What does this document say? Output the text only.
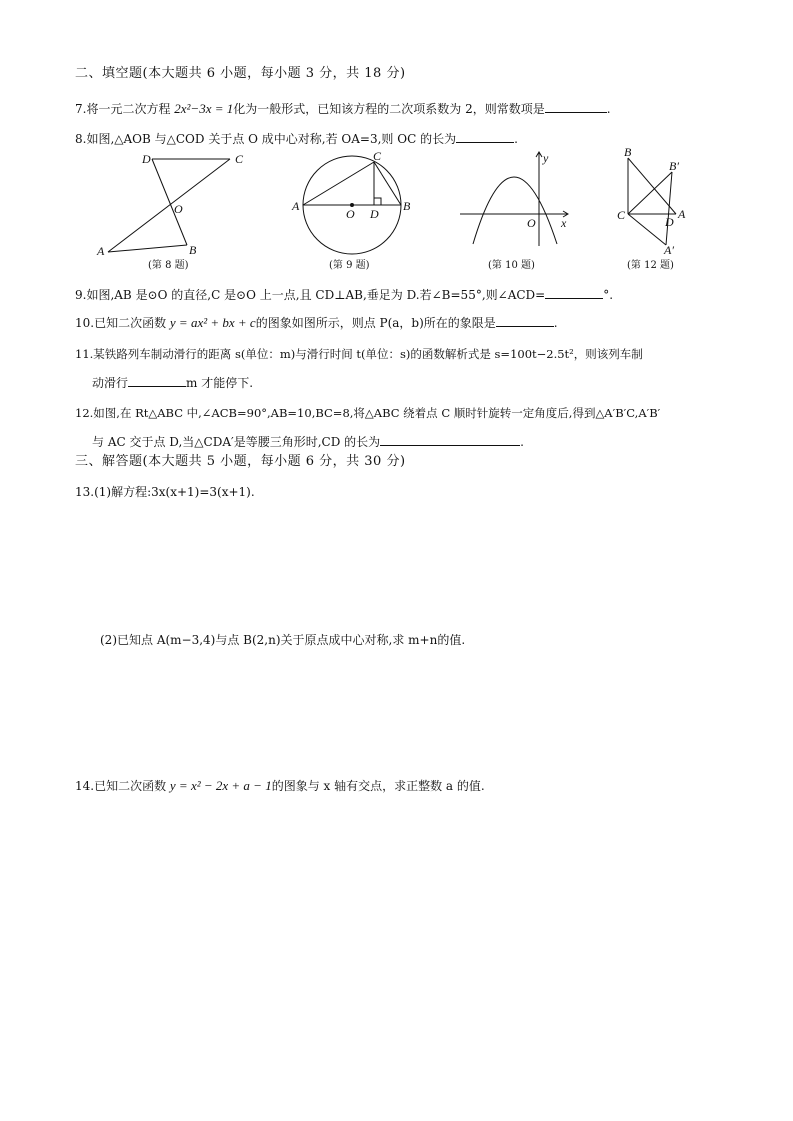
二、填空题(本大题共 6 小题，每小题 3 分，共 18 分)
7.将一元二次方程 2x²−3x = 1化为一般形式，已知该方程的二次项系数为 2，则常数项是	.
8.如图,△AOB 与△COD 关于点 O 成中心对称,若 OA=3,则 OC 的长为	.
D	C
O
A	B
A
C
O D
B
y
x
O
B
B′
C	D
A
A′
(第 8 题)	(第 9 题)	(第 10 题)	(第 12 题)
9.如图,AB 是⊙O 的直径,C 是⊙O 上一点,且 CD⊥AB,垂足为 D.若∠B=55°,则∠ACD=	°.
10.已知二次函数 y = ax² + bx + c的图象如图所示，则点 P(a，b)所在的象限是	.
11.某铁路列车制动滑行的距离 s(单位：m)与滑行时间 t(单位：s)的函数解析式是 s=100t−2.5t²，则该列车制
动滑行	m 才能停下.
12.如图,在 Rt△ABC 中,∠ACB=90°,AB=10,BC=8,将△ABC 绕着点 C 顺时针旋转一定角度后,得到△A′B′C,A′B′
与 AC 交于点 D,当△CDA′是等腰三角形时,CD 的长为	.
三、解答题(本大题共 5 小题，每小题 6 分，共 30 分)
13.(1)解方程:3x(x+1)=3(x+1).
(2)已知点 A(m−3,4)与点 B(2,n)关于原点成中心对称,求 m+n的值.
14.已知二次函数 y = x² − 2x + a − 1的图象与 x 轴有交点，求正整数 a 的值.
